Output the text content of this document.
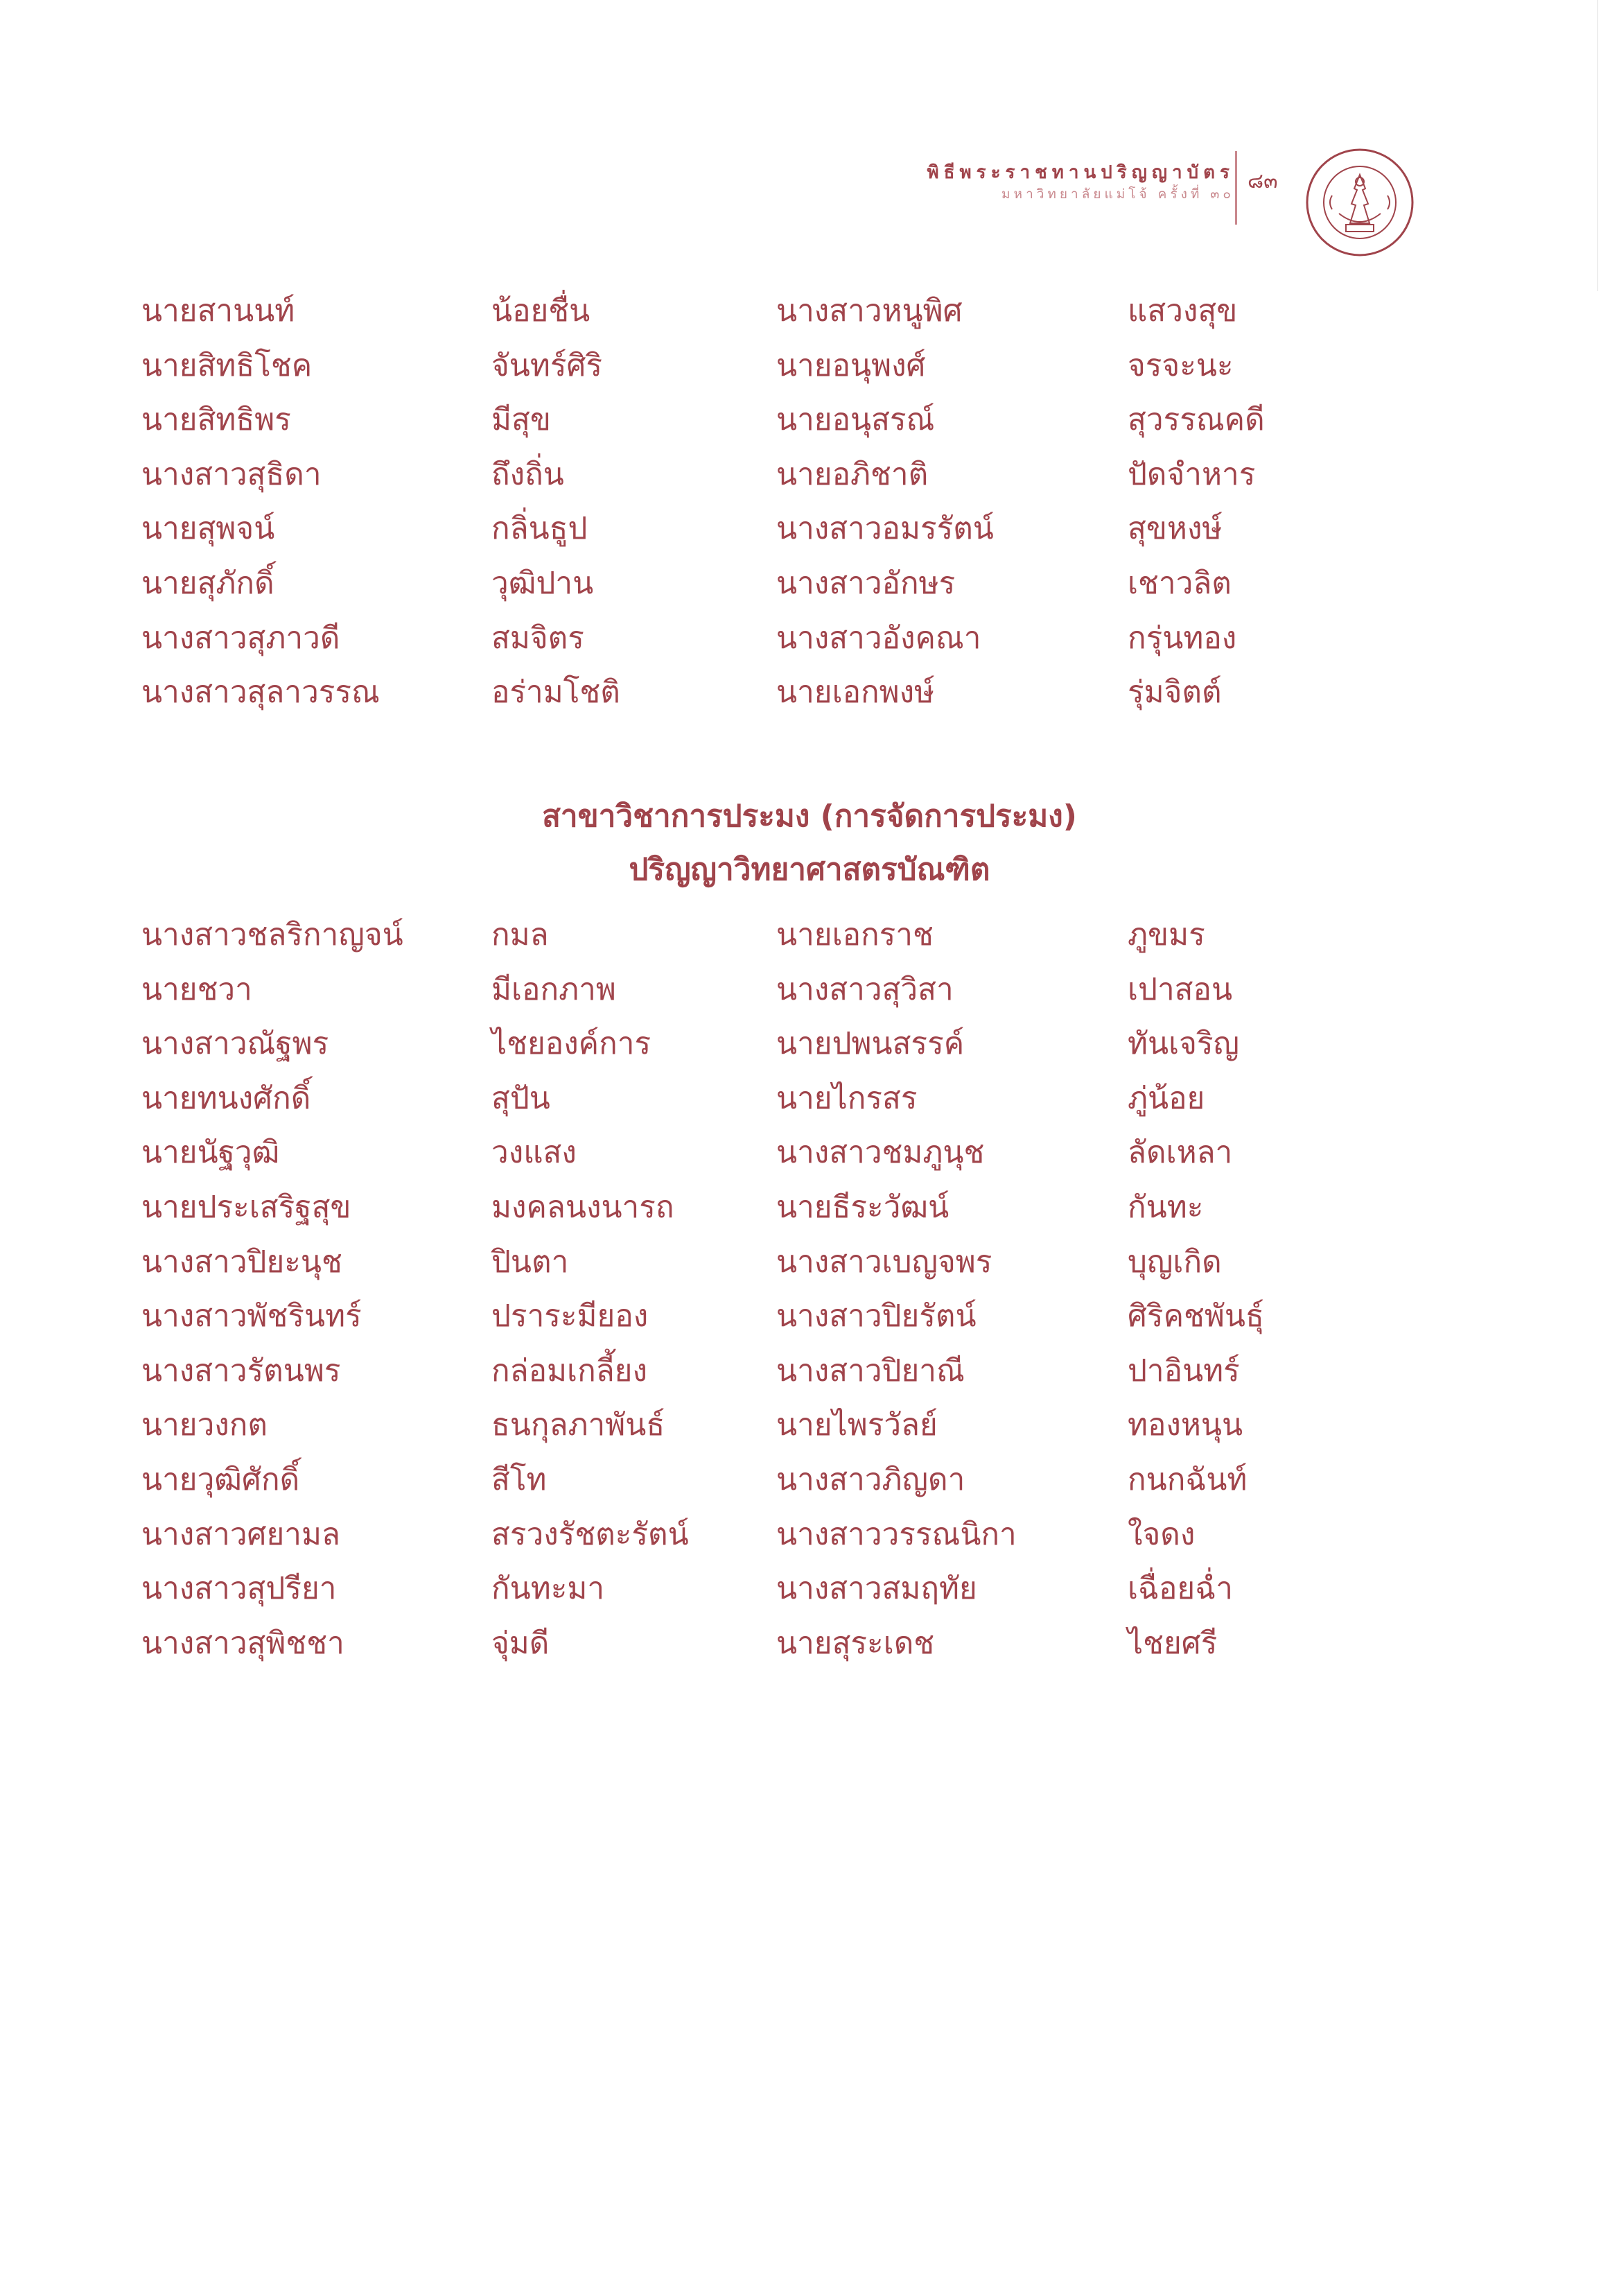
พิธีพระราชทานปริญญาบัตร
มหาวิทยาลัยแม่โจ้ ครั้งที่ ๓๐
๘๓
นายสานนท์	น้อยชื่น	นางสาวหนูพิศ	แสวงสุข
นายสิทธิโชค	จันทร์ศิริ	นายอนุพงศ์	จรจะนะ
นายสิทธิพร	มีสุข	นายอนุสรณ์	สุวรรณคดี
นางสาวสุธิดา	ถึงถิ่น	นายอภิชาติ	ปัดจำหาร
นายสุพจน์	กลิ่นธูป	นางสาวอมรรัตน์	สุขหงษ์
นายสุภักดิ์	วุฒิปาน	นางสาวอักษร	เชาวลิต
นางสาวสุภาวดี	สมจิตร	นางสาวอังคณา	กรุ่นทอง
นางสาวสุลาวรรณ	อร่ามโชติ	นายเอกพงษ์	รุ่มจิตต์
สาขาวิชาการประมง (การจัดการประมง)
ปริญญาวิทยาศาสตรบัณฑิต
นางสาวชลริกาญจน์	กมล	นายเอกราช	ภูขมร
นายชวา	มีเอกภาพ	นางสาวสุวิสา	เปาสอน
นางสาวณัฐพร	ไชยองค์การ	นายปพนสรรค์	ทันเจริญ
นายทนงศักดิ์	สุปัน	นายไกรสร	ภู่น้อย
นายนัฐวุฒิ	วงแสง	นางสาวชมภูนุช	ลัดเหลา
นายประเสริฐสุข	มงคลนงนารถ	นายธีระวัฒน์	กันทะ
นางสาวปิยะนุช	ปินตา	นางสาวเบญจพร	บุญเกิด
นางสาวพัชรินทร์	ปราระมียอง	นางสาวปิยรัตน์	ศิริคชพันธุ์
นางสาวรัตนพร	กล่อมเกลี้ยง	นางสาวปิยาณี	ปาอินทร์
นายวงกต	ธนกุลภาพันธ์	นายไพรวัลย์	ทองหนุน
นายวุฒิศักดิ์	สีโท	นางสาวภิญดา	กนกฉันท์
นางสาวศยามล	สรวงรัชตะรัตน์	นางสาววรรณนิกา	ใจดง
นางสาวสุปรียา	กันทะมา	นางสาวสมฤทัย	เฉื่อยฉ่ำ
นางสาวสุพิชชา	จุ่มดี	นายสุระเดช	ไชยศรี
